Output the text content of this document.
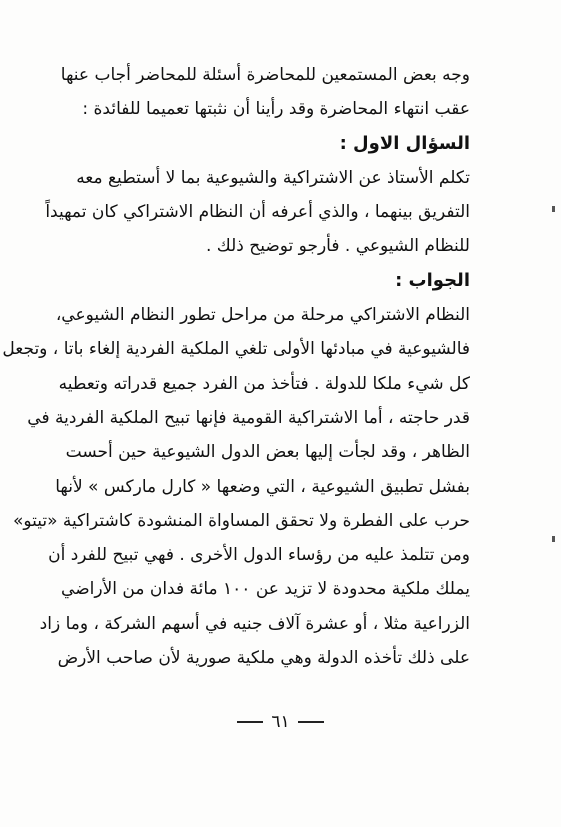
وجه بعض المستمعين للمحاضرة أسئلة للمحاضر أجاب عنها
عقب انتهاء المحاضرة وقد رأينا أن نثبتها تعميما للفائدة :
السؤال الاول :
تكلم الأستاذ عن الاشتراكية والشيوعية بما لا أستطيع معه
التفريق بينهما ، والذي أعرفه أن النظام الاشتراكي كان تمهيداً
للنظام الشيوعي . فأرجو توضيح ذلك .
الجواب :
النظام الاشتراكي مرحلة من مراحل تطور النظام الشيوعي،
فالشيوعية في مبادئها الأولى تلغي الملكية الفردية إلغاء باتا ، وتجعل
كل شيء ملكا للدولة . فتأخذ من الفرد جميع قدراته وتعطيه
قدر حاجته ، أما الاشتراكية القومية فإنها تبيح الملكية الفردية في
الظاهر ، وقد لجأت إليها بعض الدول الشيوعية حين أحست
بفشل تطبيق الشيوعية ، التي وضعها « كارل ماركس » لأنها
حرب على الفطرة ولا تحقق المساواة المنشودة كاشتراكية «تيتو»
ومن تتلمذ عليه من رؤساء الدول الأخرى . فهي تبيح للفرد أن
يملك ملكية محدودة لا تزيد عن ١٠٠ مائة فدان من الأراضي
الزراعية مثلا ، أو عشرة آلاف جنيه في أسهم الشركة ، وما زاد
على ذلك تأخذه الدولة وهي ملكية صورية لأن صاحب الأرض
٦١
